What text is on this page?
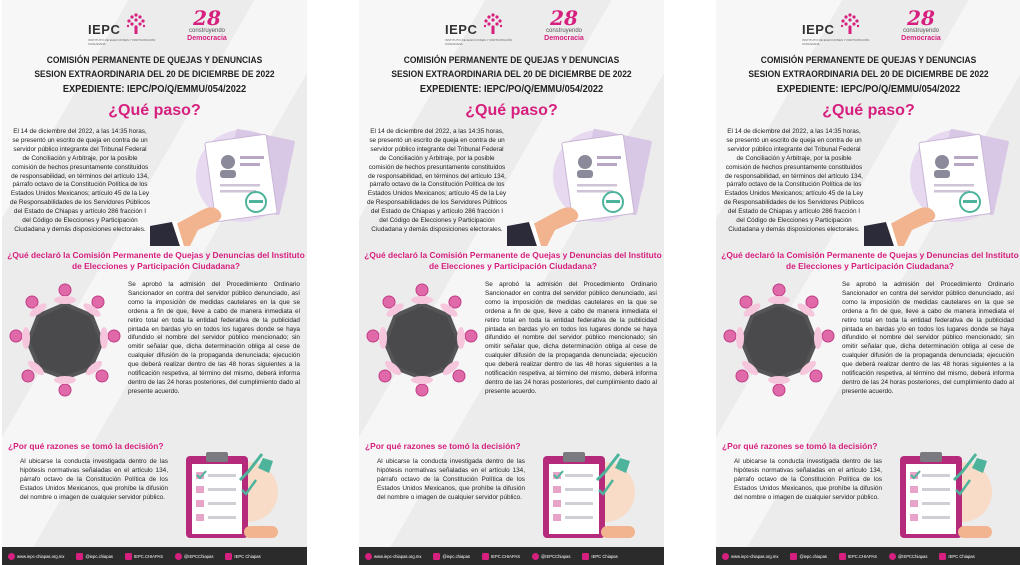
IEPC
INSTITUTO DE ELECCIONES Y PARTICIPACIÓN CIUDADANA
28
construyendo
Democracia
COMISIÓN PERMANENTE DE QUEJAS Y DENUNCIAS
SESION EXTRAORDINARIA DEL 20 DE DICIEMRBE DE 2022
EXPEDIENTE: IEPC/PO/Q/EMMU/054/2022
¿Qué paso?
El 14 de diciembre del 2022, a las 14:35 horas, se presentó un escrito de queja en contra de un servidor público integrante del Tribunal Federal de Conciliación y Arbitraje, por la posible comisión de hechos presuntamente constituidos de responsabilidad, en términos del artículo 134, párrafo octavo de la Constitución Política de los Estados Unidos Mexicanos; artículo 45 de la Ley de Responsabilidades de los Servidores Públicos del Estado de Chiapas y artículo 286 fracción I del Código de Elecciones y Participación Ciudadana y demás disposiciones electorales.
¿Qué declaró la Comisión Permanente de Quejas y Denuncias del Instituto de Elecciones y Participación Ciudadana?
Se aprobó la admisión del Procedimiento Ordinario Sancionador en contra del servidor público denunciado, así como la imposición de medidas cautelares en la que se ordena a fin de que, lleve a cabo de manera inmediata el retiro total en toda la entidad federativa de la publicidad pintada en bardas y/o en todos los lugares donde se haya difundido el nombre del servidor público mencionado; sin omitir señalar que, dicha determinación obliga al cese de cualquier difusión de la propaganda denunciada; ejecución que deberá realizar dentro de las 48 horas siguientes a la notificación respetiva, al término del mismo, deberá informa dentro de las 24 horas posteriores, del cumplimiento dado al presente acuerdo.
¿Por qué razones se tomó la decisión?
Al ubicarse la conducta investigada dentro de las hipótesis normativas señaladas en el artículo 134, párrafo octavo de la Constitución Política de los Estados Unidos Mexicanos, que prohíbe la difusión del nombre o imagen de cualquier servidor público.
www.iepc-chiapas.org.mx	@iepc.chiapas	IEPC.CHIAPAS	@IEPCChiapas	IEPC Chiapas
IEPC
INSTITUTO DE ELECCIONES Y PARTICIPACIÓN CIUDADANA
28
construyendo
Democracia
COMISIÓN PERMANENTE DE QUEJAS Y DENUNCIAS
SESION EXTRAORDINARIA DEL 20 DE DICIEMRBE DE 2022
EXPEDIENTE: IEPC/PO/Q/EMMU/054/2022
¿Qué paso?
El 14 de diciembre del 2022, a las 14:35 horas, se presentó un escrito de queja en contra de un servidor público integrante del Tribunal Federal de Conciliación y Arbitraje, por la posible comisión de hechos presuntamente constituidos de responsabilidad, en términos del artículo 134, párrafo octavo de la Constitución Política de los Estados Unidos Mexicanos; artículo 45 de la Ley de Responsabilidades de los Servidores Públicos del Estado de Chiapas y artículo 286 fracción I del Código de Elecciones y Participación Ciudadana y demás disposiciones electorales.
¿Qué declaró la Comisión Permanente de Quejas y Denuncias del Instituto de Elecciones y Participación Ciudadana?
Se aprobó la admisión del Procedimiento Ordinario Sancionador en contra del servidor público denunciado, así como la imposición de medidas cautelares en la que se ordena a fin de que, lleve a cabo de manera inmediata el retiro total en toda la entidad federativa de la publicidad pintada en bardas y/o en todos los lugares donde se haya difundido el nombre del servidor público mencionado; sin omitir señalar que, dicha determinación obliga al cese de cualquier difusión de la propaganda denunciada; ejecución que deberá realizar dentro de las 48 horas siguientes a la notificación respetiva, al término del mismo, deberá informa dentro de las 24 horas posteriores, del cumplimiento dado al presente acuerdo.
¿Por qué razones se tomó la decisión?
Al ubicarse la conducta investigada dentro de las hipótesis normativas señaladas en el artículo 134, párrafo octavo de la Constitución Política de los Estados Unidos Mexicanos, que prohíbe la difusión del nombre o imagen de cualquier servidor público.
www.iepc-chiapas.org.mx	@iepc.chiapas	IEPC.CHIAPAS	@IEPCChiapas	IEPC Chiapas
IEPC
INSTITUTO DE ELECCIONES Y PARTICIPACIÓN CIUDADANA
28
construyendo
Democracia
COMISIÓN PERMANENTE DE QUEJAS Y DENUNCIAS
SESION EXTRAORDINARIA DEL 20 DE DICIEMRBE DE 2022
EXPEDIENTE: IEPC/PO/Q/EMMU/054/2022
¿Qué paso?
El 14 de diciembre del 2022, a las 14:35 horas, se presentó un escrito de queja en contra de un servidor público integrante del Tribunal Federal de Conciliación y Arbitraje, por la posible comisión de hechos presuntamente constituidos de responsabilidad, en términos del artículo 134, párrafo octavo de la Constitución Política de los Estados Unidos Mexicanos; artículo 45 de la Ley de Responsabilidades de los Servidores Públicos del Estado de Chiapas y artículo 286 fracción I del Código de Elecciones y Participación Ciudadana y demás disposiciones electorales.
¿Qué declaró la Comisión Permanente de Quejas y Denuncias del Instituto de Elecciones y Participación Ciudadana?
Se aprobó la admisión del Procedimiento Ordinario Sancionador en contra del servidor público denunciado, así como la imposición de medidas cautelares en la que se ordena a fin de que, lleve a cabo de manera inmediata el retiro total en toda la entidad federativa de la publicidad pintada en bardas y/o en todos los lugares donde se haya difundido el nombre del servidor público mencionado; sin omitir señalar que, dicha determinación obliga al cese de cualquier difusión de la propaganda denunciada; ejecución que deberá realizar dentro de las 48 horas siguientes a la notificación respetiva, al término del mismo, deberá informa dentro de las 24 horas posteriores, del cumplimiento dado al presente acuerdo.
¿Por qué razones se tomó la decisión?
Al ubicarse la conducta investigada dentro de las hipótesis normativas señaladas en el artículo 134, párrafo octavo de la Constitución Política de los Estados Unidos Mexicanos, que prohíbe la difusión del nombre o imagen de cualquier servidor público.
www.iepc-chiapas.org.mx	@iepc.chiapas	IEPC.CHIAPAS	@IEPCChiapas	IEPC Chiapas
